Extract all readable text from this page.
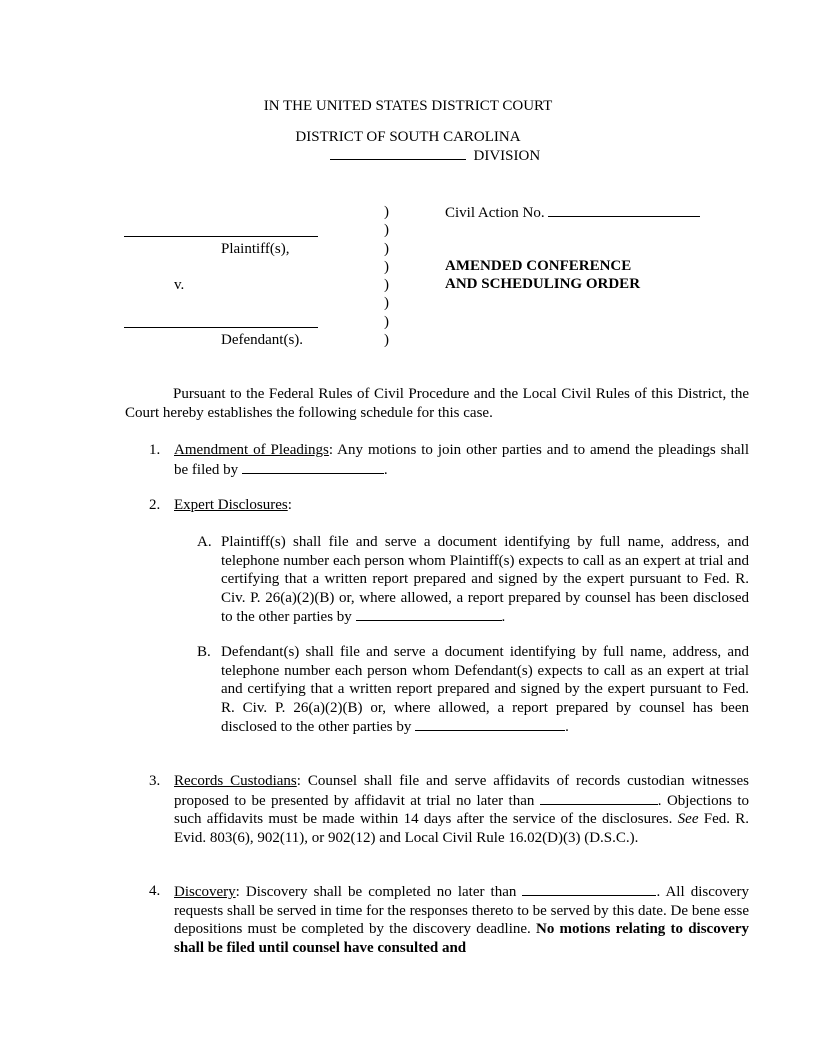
IN THE UNITED STATES DISTRICT COURT
DISTRICT OF SOUTH CAROLINA
DIVISION
Plaintiff(s),
v.
Defendant(s).
)
)
)
)
)
)
)
)
Civil Action No.
AMENDED CONFERENCE
AND SCHEDULING ORDER
Pursuant to the Federal Rules of Civil Procedure and the Local Civil Rules of this District, the Court hereby establishes the following schedule for this case.
1. Amendment of Pleadings: Any motions to join other parties and to amend the pleadings shall be filed by	.
2. Expert Disclosures:
A. Plaintiff(s) shall file and serve a document identifying by full name, address, and telephone number each person whom Plaintiff(s) expects to call as an expert at trial and certifying that a written report prepared and signed by the expert pursuant to Fed. R. Civ. P. 26(a)(2)(B) or, where allowed, a report prepared by counsel has been disclosed to the other parties by	.
B. Defendant(s) shall file and serve a document identifying by full name, address, and telephone number each person whom Defendant(s) expects to call as an expert at trial and certifying that a written report prepared and signed by the expert pursuant to Fed. R. Civ. P. 26(a)(2)(B) or, where allowed, a report prepared by counsel has been disclosed to the other parties by	.
3. Records Custodians: Counsel shall file and serve affidavits of records custodian witnesses proposed to be presented by affidavit at trial no later than	. Objections to such affidavits must be made within 14 days after the service of the disclosures. See Fed. R. Evid. 803(6), 902(11), or 902(12) and Local Civil Rule 16.02(D)(3) (D.S.C.).
4. Discovery: Discovery shall be completed no later than	. All discovery requests shall be served in time for the responses thereto to be served by this date. De bene esse depositions must be completed by the discovery deadline. No motions relating to discovery shall be filed until counsel have consulted and
